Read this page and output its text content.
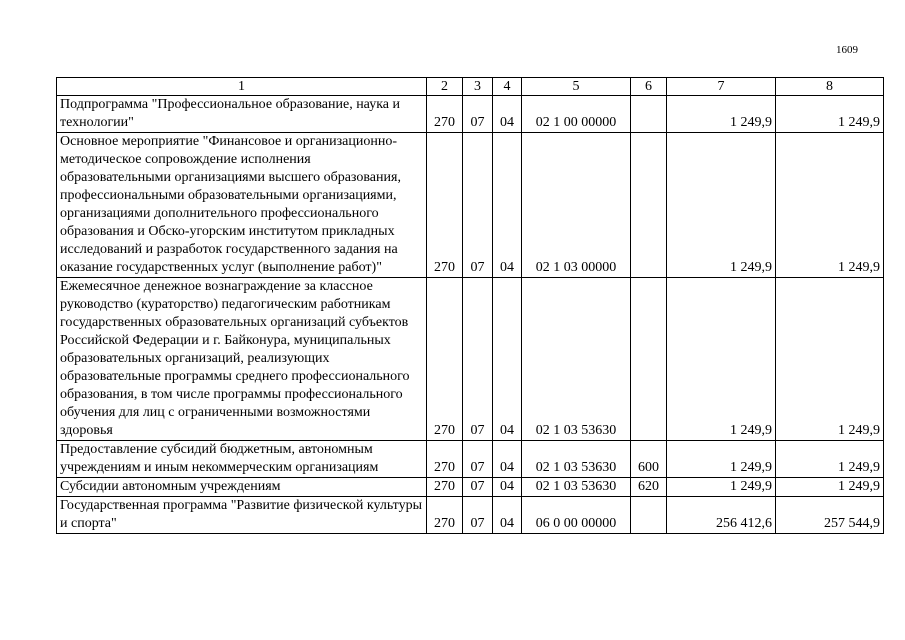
1609
1	2	3	4	5	6	7	8
Подпрограмма "Профессиональное образование, наука и технологии"	270	07	04	02 1 00 00000		1 249,9	1 249,9
Основное мероприятие "Финансовое и организационно-методическое сопровождение исполнения образовательными организациями высшего образования, профессиональными образовательными организациями, организациями дополнительного профессионального образования и Обско-угорским институтом прикладных исследований и разработок государственного задания на оказание государственных услуг (выполнение работ)"	270	07	04	02 1 03 00000		1 249,9	1 249,9
Ежемесячное денежное вознаграждение за классное руководство (кураторство) педагогическим работникам государственных образовательных организаций субъектов Российской Федерации и г. Байконура, муниципальных образовательных организаций, реализующих образовательные программы среднего профессионального образования, в том числе программы профессионального обучения для лиц с ограниченными возможностями здоровья	270	07	04	02 1 03 53630		1 249,9	1 249,9
Предоставление субсидий бюджетным, автономным учреждениям и иным некоммерческим организациям	270	07	04	02 1 03 53630	600	1 249,9	1 249,9
Субсидии автономным учреждениям	270	07	04	02 1 03 53630	620	1 249,9	1 249,9
Государственная программа "Развитие физической культуры и спорта"	270	07	04	06 0 00 00000		256 412,6	257 544,9
